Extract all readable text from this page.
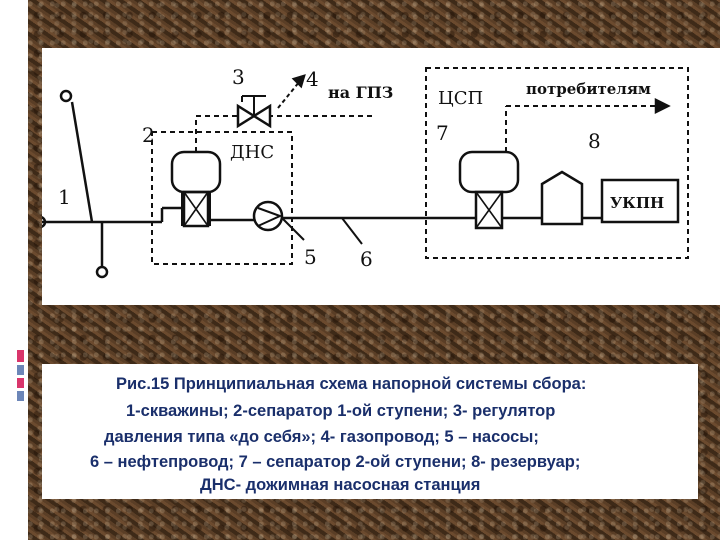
1
2
3	4
5 6
7	8
ДНС
ЦСП
на ГПЗ	потребителям
УКПН
Рис.15 Принципиальная схема напорной системы сбора:
1-скважины; 2-сепаратор 1-ой ступени; 3- регулятор
давления типа «до себя»; 4- газопровод; 5 – насосы;
6 – нефтепровод; 7 – сепаратор 2-ой ступени; 8- резервуар;
ДНС- дожимная насосная станция
